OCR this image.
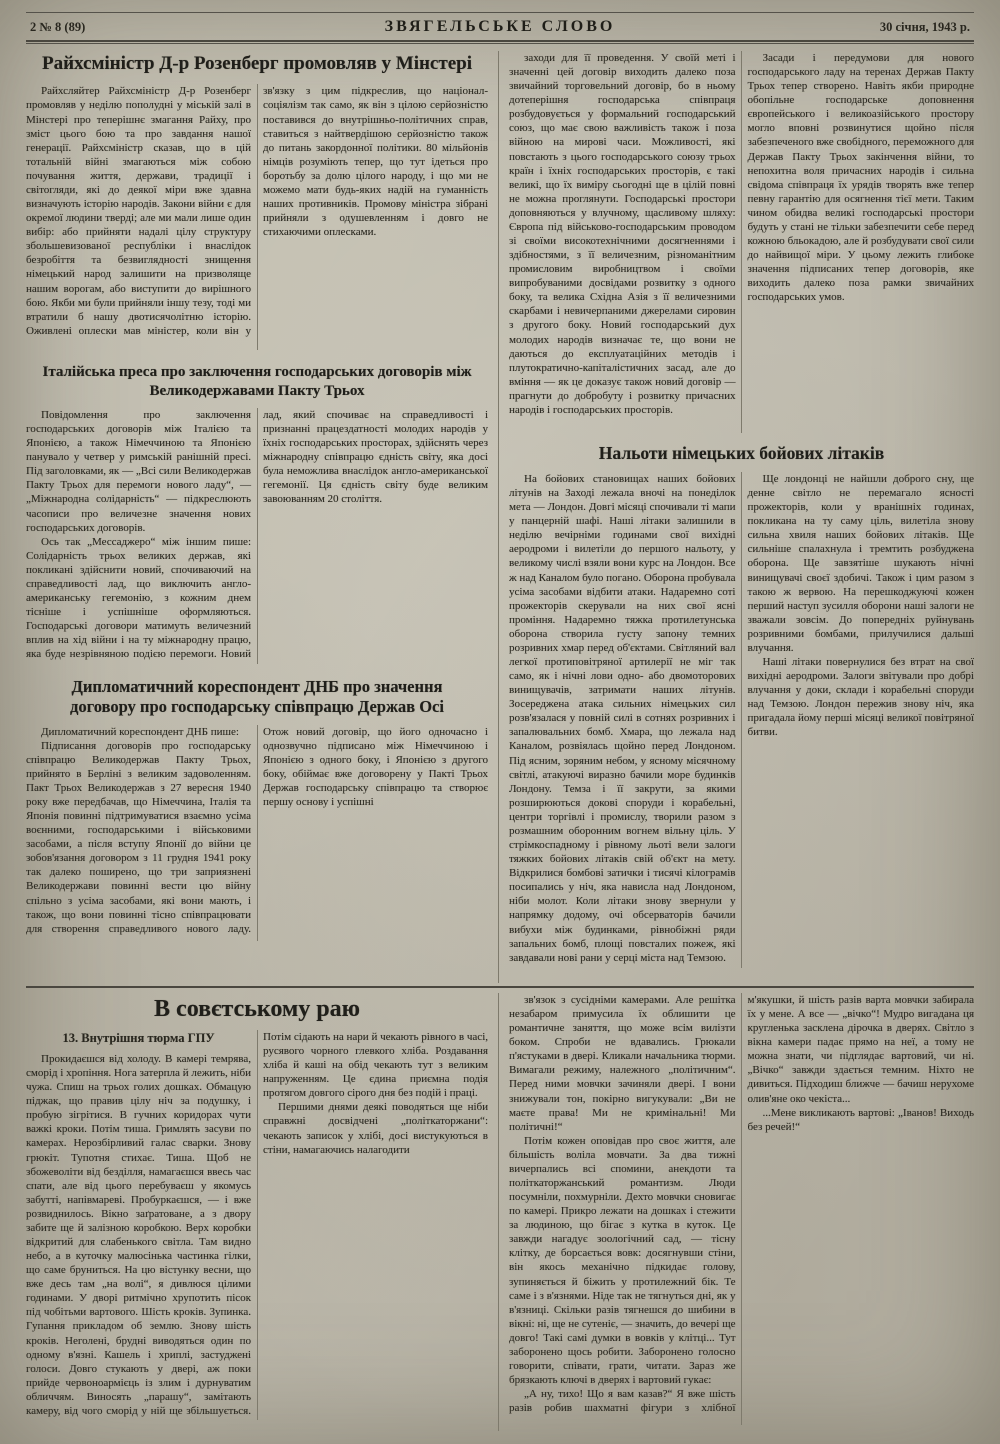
2 № 8 (89)	ЗВЯГЕЛЬСЬКЕ СЛОВО	30 січня, 1943 р.
Райхсміністр Д-р Розенберг промовляв у Мінстері

Райхсляйтер Райхсміністр Д-р Розенберг промовляв у неділю пополудні у міській залі в Мінстері про теперішнє змагання Райху, про зміст цього бою та про завдання нашої генерації. Райхсміністр сказав, що в цій тотальній війні змагаються між собою почування життя, держави, традиції і світогляди, які до деякої міри вже здавна визначують історію народів. Закони війни є для окремої людини тверді; але ми мали лише один вибір: або прийняти надалі цілу структуру збольшевизованої республіки і внаслідок безробіття та безвиглядності знищення німецький народ залишити на призволяще нашим ворогам, або виступити до вирішного бою. Якби ми були прийняли іншу тезу, тоді ми втратили б нашу двотисячолітню історію. Оживлені оплески мав міністер, коли він у зв'язку з цим підкреслив, що націонал-соціялізм так само, як він з цілою серйозністю поставився до внутрішньо-політичних справ, ставиться з найтвердішою серйозністю також до питань закордонної політики. 80 мільйонів німців розуміють тепер, що тут ідеться про боротьбу за долю цілого народу, і що ми не можемо мати будь-яких надій на гуманність наших противників. Промову міністра зібрані прийняли з одушевленням і довго не стихаючими оплесками.

Італійська преса про заключення господарських договорів між Великодержавами Пакту Трьох

Повідомлення про заключення господарських договорів між Італією та Японією, а також Німеччиною та Японією панувало у четвер у римській ранішній пресі. Під заголовками, як — „Всі сили Великодержав Пакту Трьох для перемоги нового ладу“, — „Міжнародна солідарність“ — підкреслюють часописи про величезне значення нових господарських договорів.

Ось так „Мессаджеро“ між іншим пише: Солідарність трьох великих держав, які покликані здійснити новий, спочиваючий на справедливості лад, що виключить англо-американську гегемонію, з кожним днем тісніше і успішніше оформляються. Господарські договори матимуть величезний вплив на хід війни і на ту міжнародну працю, яка буде незрівняною подією перемоги. Новий лад, який спочиває на справедливості і признанні працездатності молодих народів у їхніх господарських просторах, здійснять через міжнародну співпрацю єдність світу, яка досі була неможлива внаслідок англо-американської гегемонії. Ця єдність світу буде великим завоюванням 20 століття.

Дипломатичний кореспондент ДНБ про значення договору про господарську співпрацю Держав Осі

Дипломатичний кореспондент ДНБ пише:

Підписання договорів про господарську співпрацю Великодержав Пакту Трьох, прийнято в Берліні з великим задоволенням. Пакт Трьох Великодержав з 27 вересня 1940 року вже передбачав, що Німеччина, Італія та Японія повинні підтримуватися взаємно усіма воєнними, господарськими і військовими засобами, а після вступу Японії до війни це зобов'язання договором з 11 грудня 1941 року так далеко поширено, що три заприязнені Великодержави повинні вести цю війну спільно з усіма засобами, які вони мають, і також, що вони повинні тісно співпрацювати для створення справедливого нового ладу. Отож новий договір, що його одночасно і однозвучно підписано між Німеччиною і Японією з одного боку, і Японією з другого боку, обіймає вже договорену у Пакті Трьох Держав господарську співпрацю та створює першу основу і успішні

заходи для її проведення. У своїй меті і значенні цей договір виходить далеко поза звичайний торговельний договір, бо в ньому дотеперішня господарська співпраця розбудовується у формальний господарський союз, що має свою важливість також і поза війною на мирові часи. Можливості, які повстають з цього господарського союзу трьох країн і їхніх господарських просторів, є такі великі, що їх виміру сьогодні ще в цілій повні не можна проглянути. Господарські простори доповняються у влучному, щасливому шляху: Європа під військово-господарським проводом зі своїми високотехнічними досягненнями і здібностями, з її величезним, різноманітним промисловим виробництвом і своїми випробуваними досвідами розвитку з одного боку, та велика Східна Азія з її величезними скарбами і невичерпаними джерелами сировин з другого боку. Новий господарський дух молодих народів визначає те, що вони не даються до експлуатаційних методів і плутократично-капіталістичних засад, але до вміння — як це доказує також новий договір — прагнути до добробуту і розвитку причасних народів і господарських просторів.

Засади і передумови для нового господарського ладу на теренах Держав Пакту Трьох тепер створено. Навіть якби природне обопільне господарське доповнення європейського і великоазійського простору могло вповні розвинутися щойно після забезпеченого вже свобідного, переможного для Держав Пакту Трьох закінчення війни, то непохитна воля причасних народів і сильна свідома співпраця їх урядів творять вже тепер певну гарантію для осягнення тієї мети. Таким чином обидва великі господарські простори будуть у стані не тільки забезпечити себе перед кожною бльокадою, але й розбудувати свої сили до найвищої міри. У цьому лежить глибоке значення підписаних тепер договорів, яке виходить далеко поза рамки звичайних господарських умов.

Нальоти німецьких бойових літаків

На бойових становищах наших бойових літунів на Заході лежала вночі на понеділок мета — Лондон. Довгі місяці спочивали ті мапи у панцерній шафі. Наші літаки залишили в неділю вечірніми годинами свої вихідні аеродроми і вилетіли до першого нальоту, у великому числі взяли вони курс на Лондон. Все ж над Каналом було погано. Оборона пробувала усіма засобами відбити атаки. Надаремно соті прожекторів скерували на них свої ясні проміння. Надаремно тяжка протилетунська оборона створила густу запону темних розривних хмар перед об'єктами. Світляний вал легкої протиповітряної артилерії не міг так само, як і нічні лови одно- або двомоторових винищувачів, затримати наших літунів. Зосереджена атака сильних німецьких сил розв'язалася у повній силі в сотнях розривних і запалювальних бомб. Хмара, що лежала над Каналом, розвіялась щойно перед Лондоном. Під ясним, зоряним небом, у ясному місячному світлі, атакуючі виразно бачили море будинків Лондону. Темза і її закрути, за якими розширюються докові споруди і корабельні, центри торгівлі і промислу, творили разом з розмашним оборонним вогнем вільну ціль. У стрімкоспадному і рівному льоті вели залоги тяжких бойових літаків свій об'єкт на мету. Відкрилися бомбові затички і тисячі кілограмів посипались у ніч, яка нависла над Лондоном, ніби молот. Коли літаки знову звернули у напрямку додому, очі обсерваторів бачили вибухи між будинками, рівнобіжні ряди запальних бомб, площі повсталих пожеж, які завдавали нові рани у серці міста над Темзою.

Ще лондонці не найшли доброго сну, ще денне світло не перемагало ясності прожекторів, коли у вранішніх годинах, покликана на ту саму ціль, вилетіла знову сильна хвиля наших бойових літаків. Ще сильніше спалахнула і тремтить розбуджена оборона. Ще завзятіше шукають нічні винищувачі своєї здобичі. Також і цим разом з такою ж вервою. На перешкоджуючі кожен перший наступ зусилля оборони наші залоги не зважали зовсім. До попередніх руйнувань розривними бомбами, прилучилися дальші влучання.

Наші літаки повернулися без втрат на свої вихідні аеродроми. Залоги звітували про добрі влучання у доки, склади і корабельні споруди над Темзою. Лондон пережив знову ніч, яка пригадала йому перші місяці великої повітряної битви.

В совєтському раю
13. Внутрішня тюрма ГПУ

Прокидаєшся від холоду. В камері темрява, сморід і хропіння. Нога затерпла й лежить, ніби чужа. Спиш на трьох голих дошках. Обмацую піджак, що правив цілу ніч за подушку, і пробую зігрітися. В гучних коридорах чути важкі кроки. Потім тиша. Гримлять засуви по камерах. Нерозбірливий галас сварки. Знову грюкіт. Тупотня стихає. Тиша. Щоб не збожеволіти від безділля, намагаєшся ввесь час спати, але від цього перебуваєш у якомусь забутті, напівмареві. Пробуркаєшся, — і вже розвиднилось. Вікно заґратоване, а з двору забите ще й залізною коробкою. Верх коробки відкритий для слабенького світла. Там видно небо, а в куточку малюсінька частинка гілки, що саме бруниться. На цю вістунку весни, що вже десь там „на волі“, я дивлюся цілими годинами. У дворі ритмічно хрупотить пісок під чобітьми вартового. Шість кроків. Зупинка. Гупання прикладом об землю. Знову шість кроків. Неголені, брудні виводяться один по одному в'язні. Кашель і хриплі, застуджені голоси. Довго стукають у двері, аж поки прийде червоноармієць із злим і дурнуватим обличчям. Виносять „парашу“, замітають камеру, від чого сморід у ній ще збільшується. Потім сідають на нари й чекають рівного в часі, русявого чорного глевкого хліба. Роздавання хліба й каші на обід чекають тут з великим напруженням. Це єдина приємна подія протягом довгого сірого дня без подій і праці.

Першими днями деякі поводяться ще ніби справжні досвідчені „політкаторжани“: чекають записок у хлібі, досі вистукуються в стіни, намагаючись налагодити

зв'язок з сусідніми камерами. Але решітка незабаром примусила їх облишити це романтичне заняття, що може всім вилізти боком. Спроби не вдавались. Грюкали п'ястуками в двері. Кликали начальника тюрми. Вимагали режиму, належного „політичним“. Перед ними мовчки зачиняли двері. І вони знижували тон, покірно вигукували: „Ви не маєте права! Ми не кримінальні! Ми політичні!“

Потім кожен оповідав про своє життя, але більшість воліла мовчати. За два тижні вичерпались всі спомини, анекдоти та політкаторжанський романтизм. Люди посумніли, похмурніли. Дехто мовчки сновигає по камері. Прикро лежати на дошках і стежити за людиною, що бігає з кутка в куток. Це завжди нагадує зоологічний сад, — тісну клітку, де борсається вовк: досягнувши стіни, він якось механічно підкидає голову, зупиняється й біжить у протилежний бік. Те саме і з в'язнями. Ніде так не тягнуться дні, як у в'язниці. Скільки разів тягнешся до шибини в вікні: ні, ще не сутеніє, — значить, до вечері ще довго! Такі самі думки в вовків у клітці... Тут заборонено щось робити. Заборонено голосно говорити, співати, грати, читати. Зараз же брязкають ключі в дверях і вартовий гукає:

„А ну, тихо! Що я вам казав?“ Я вже шість разів робив шахматні фігури з хлібної м'якушки, й шість разів варта мовчки забирала їх у мене. А все — „вічко“! Мудро вигадана ця кругленька засклена дірочка в дверях. Світло з вікна камери падає прямо на неї, а тому не можна знати, чи підглядає вартовий, чи ні. „Вічко“ завжди здається темним. Ніхто не дивиться. Підходиш ближче — бачиш нерухоме олив'яне око чекіста...

...Мене викликають вартові: „Іванов! Виходь без речей!“
